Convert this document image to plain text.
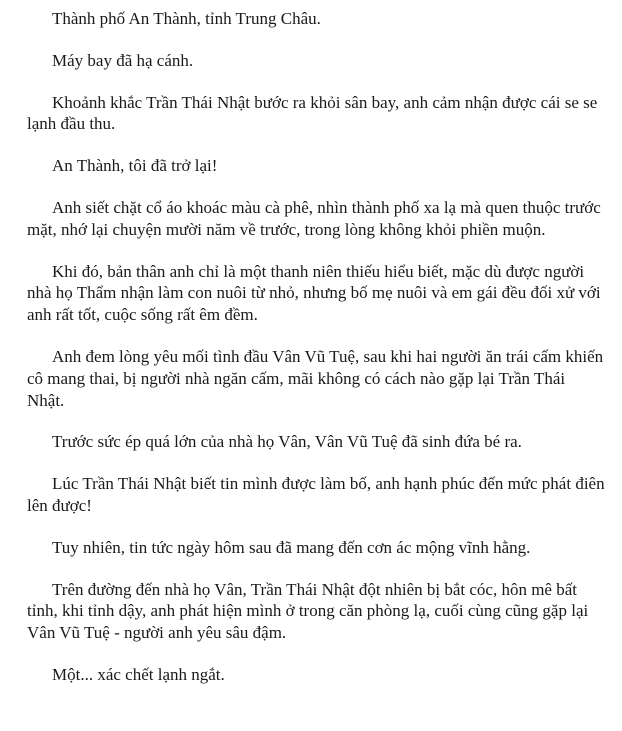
Thành phố An Thành, tỉnh Trung Châu.

Máy bay đã hạ cánh.

Khoảnh khắc Trần Thái Nhật bước ra khỏi sân bay, anh cảm nhận được cái se se lạnh đầu thu.

An Thành, tôi đã trở lại!

Anh siết chặt cổ áo khoác màu cà phê, nhìn thành phố xa lạ mà quen thuộc trước mặt, nhớ lại chuyện mười năm về trước, trong lòng không khỏi phiền muộn.

Khi đó, bản thân anh chỉ là một thanh niên thiếu hiểu biết, mặc dù được người nhà họ Thẩm nhận làm con nuôi từ nhỏ, nhưng bố mẹ nuôi và em gái đều đối xử với anh rất tốt, cuộc sống rất êm đềm.

Anh đem lòng yêu mối tình đầu Vân Vũ Tuệ, sau khi hai người ăn trái cấm khiến cô mang thai, bị người nhà ngăn cấm, mãi không có cách nào gặp lại Trần Thái Nhật.

Trước sức ép quá lớn của nhà họ Vân, Vân Vũ Tuệ đã sinh đứa bé ra.

Lúc Trần Thái Nhật biết tin mình được làm bố, anh hạnh phúc đến mức phát điên lên được!

Tuy nhiên, tin tức ngày hôm sau đã mang đến cơn ác mộng vĩnh hằng.

Trên đường đến nhà họ Vân, Trần Thái Nhật đột nhiên bị bắt cóc, hôn mê bất tỉnh, khi tỉnh dậy, anh phát hiện mình ở trong căn phòng lạ, cuối cùng cũng gặp lại Vân Vũ Tuệ - người anh yêu sâu đậm.

Một... xác chết lạnh ngắt.
